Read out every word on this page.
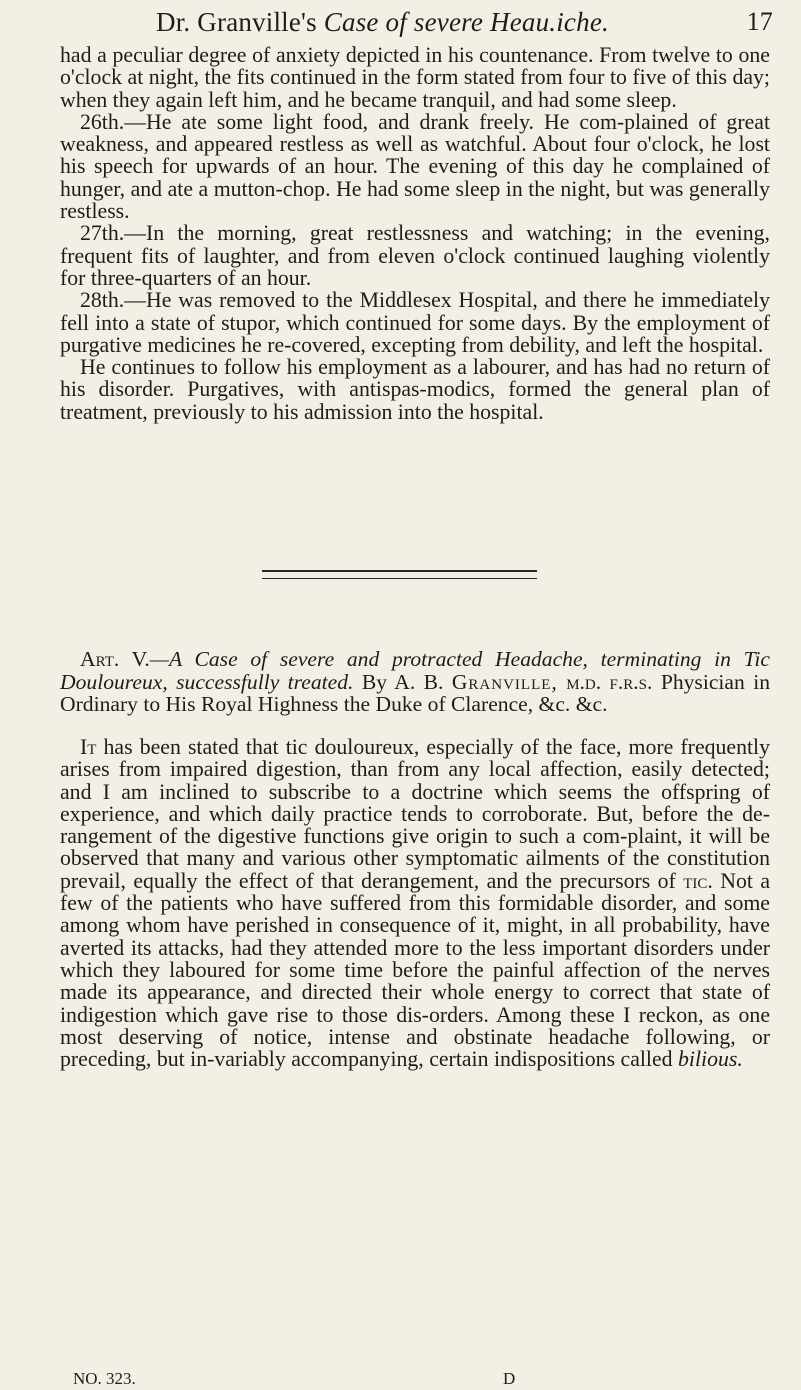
Dr. Granville's Case of severe Heau.iche.	17

had a peculiar degree of anxiety depicted in his countenance. From twelve to one o'clock at night, the fits continued in the form stated from four to five of this day; when they again left him, and he became tranquil, and had some sleep.

26th.—He ate some light food, and drank freely. He com-plained of great weakness, and appeared restless as well as watchful. About four o'clock, he lost his speech for upwards of an hour. The evening of this day he complained of hunger, and ate a mutton-chop. He had some sleep in the night, but was generally restless.

27th.—In the morning, great restlessness and watching; in the evening, frequent fits of laughter, and from eleven o'clock continued laughing violently for three-quarters of an hour.

28th.—He was removed to the Middlesex Hospital, and there he immediately fell into a state of stupor, which continued for some days. By the employment of purgative medicines he re-covered, excepting from debility, and left the hospital.

He continues to follow his employment as a labourer, and has had no return of his disorder. Purgatives, with antispas-modics, formed the general plan of treatment, previously to his admission into the hospital.

Art. V.—A Case of severe and protracted Headache, terminating in Tic Douloureux, successfully treated. By A. B. Granville, m.d. f.r.s. Physician in Ordinary to His Royal Highness the Duke of Clarence, &c. &c.

It has been stated that tic douloureux, especially of the face, more frequently arises from impaired digestion, than from any local affection, easily detected; and I am inclined to subscribe to a doctrine which seems the offspring of experience, and which daily practice tends to corroborate. But, before the de-rangement of the digestive functions give origin to such a com-plaint, it will be observed that many and various other symptomatic ailments of the constitution prevail, equally the effect of that derangement, and the precursors of tic. Not a few of the patients who have suffered from this formidable disorder, and some among whom have perished in consequence of it, might, in all probability, have averted its attacks, had they attended more to the less important disorders under which they laboured for some time before the painful affection of the nerves made its appearance, and directed their whole energy to correct that state of indigestion which gave rise to those dis-orders. Among these I reckon, as one most deserving of notice, intense and obstinate headache following, or preceding, but in-variably accompanying, certain indispositions called bilious.

NO. 323.	D
